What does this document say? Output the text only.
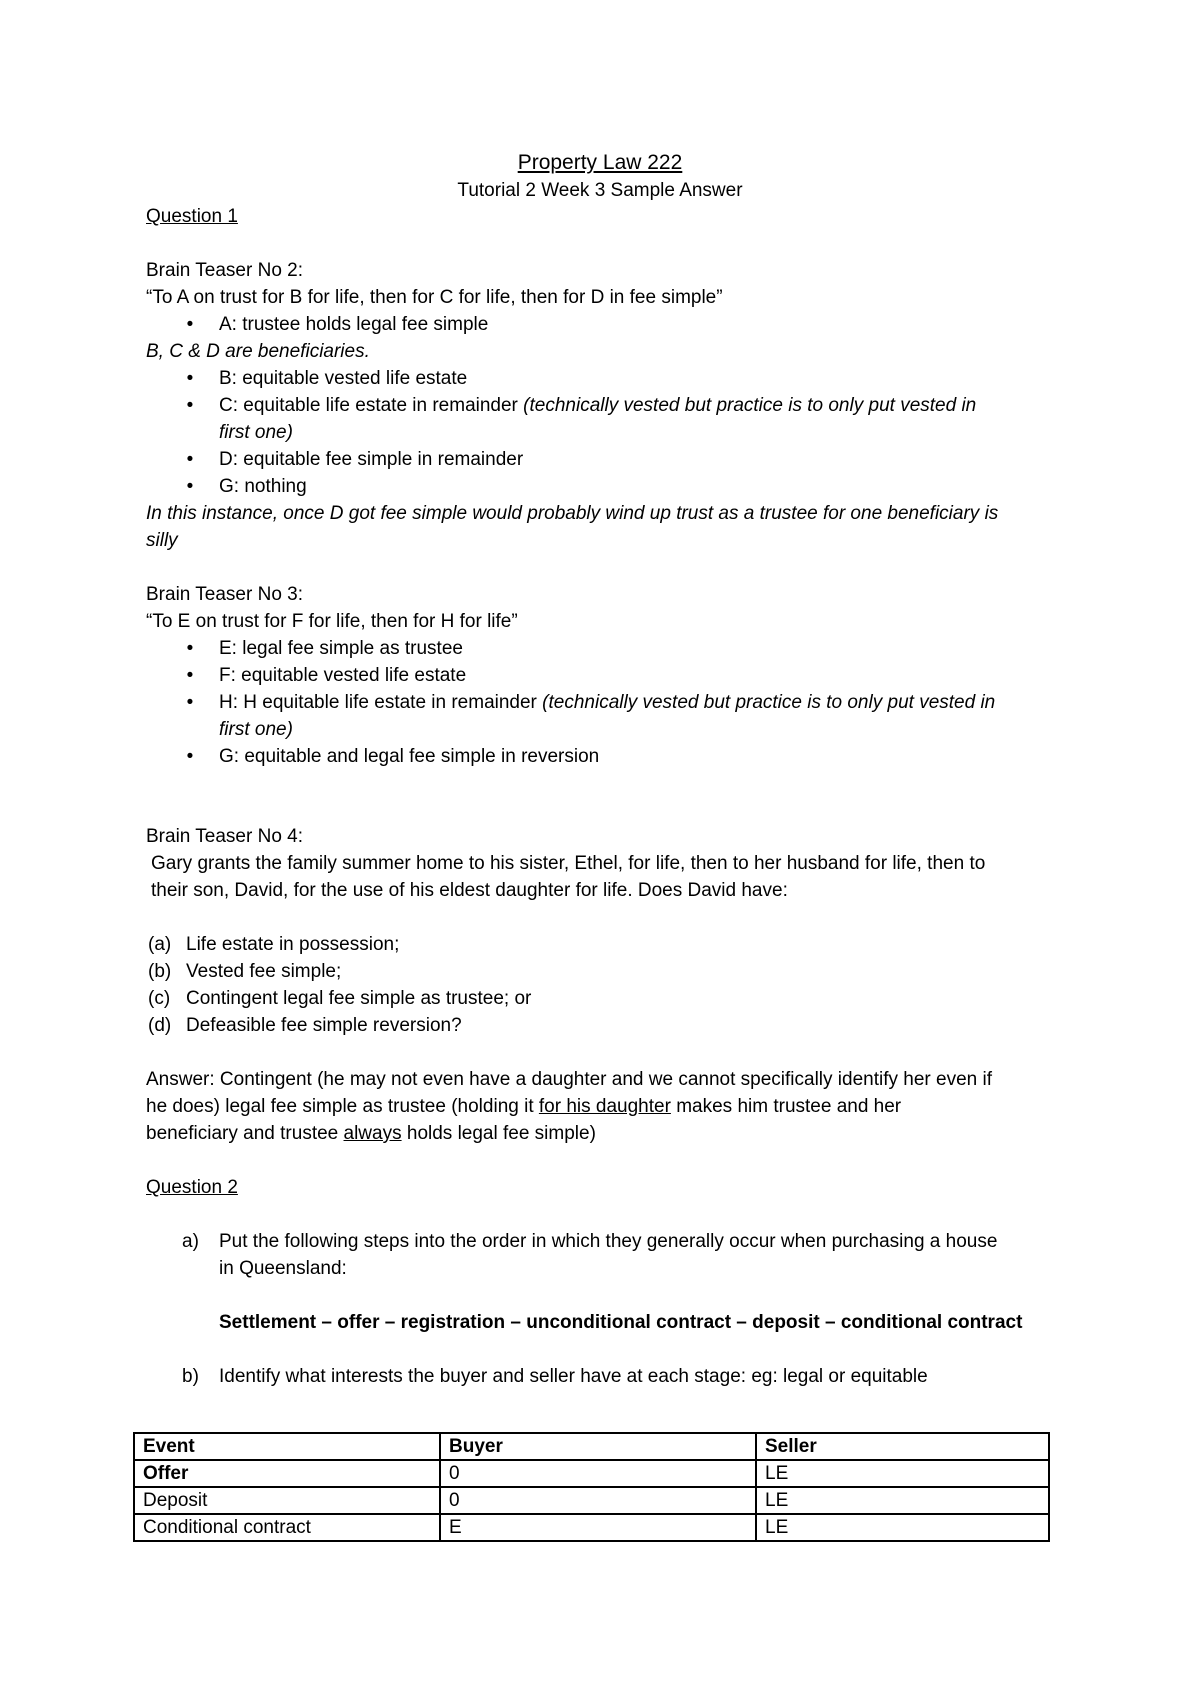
Property Law 222
Tutorial 2 Week 3 Sample Answer
Question 1
Brain Teaser No 2:
“To A on trust for B for life, then for C for life, then for D in fee simple”
• A: trustee holds legal fee simple
B, C & D are beneficiaries.
• B: equitable vested life estate
• C: equitable life estate in remainder (technically vested but practice is to only put vested in
first one)
• D: equitable fee simple in remainder
• G: nothing
In this instance, once D got fee simple would probably wind up trust as a trustee for one beneficiary is
silly
Brain Teaser No 3:
“To E on trust for F for life, then for H for life”
• E: legal fee simple as trustee
• F: equitable vested life estate
• H: H equitable life estate in remainder (technically vested but practice is to only put vested in
first one)
• G: equitable and legal fee simple in reversion
Brain Teaser No 4:
Gary grants the family summer home to his sister, Ethel, for life, then to her husband for life, then to
their son, David, for the use of his eldest daughter for life. Does David have:
(a) Life estate in possession;
(b) Vested fee simple;
(c) Contingent legal fee simple as trustee; or
(d) Defeasible fee simple reversion?
Answer: Contingent (he may not even have a daughter and we cannot specifically identify her even if
he does) legal fee simple as trustee (holding it for his daughter makes him trustee and her
beneficiary and trustee always holds legal fee simple)
Question 2
a) Put the following steps into the order in which they generally occur when purchasing a house
in Queensland:
Settlement – offer – registration – unconditional contract – deposit – conditional contract
b) Identify what interests the buyer and seller have at each stage: eg: legal or equitable
Event	Buyer	Seller
Offer	0	LE
Deposit	0	LE
Conditional contract	E	LE
